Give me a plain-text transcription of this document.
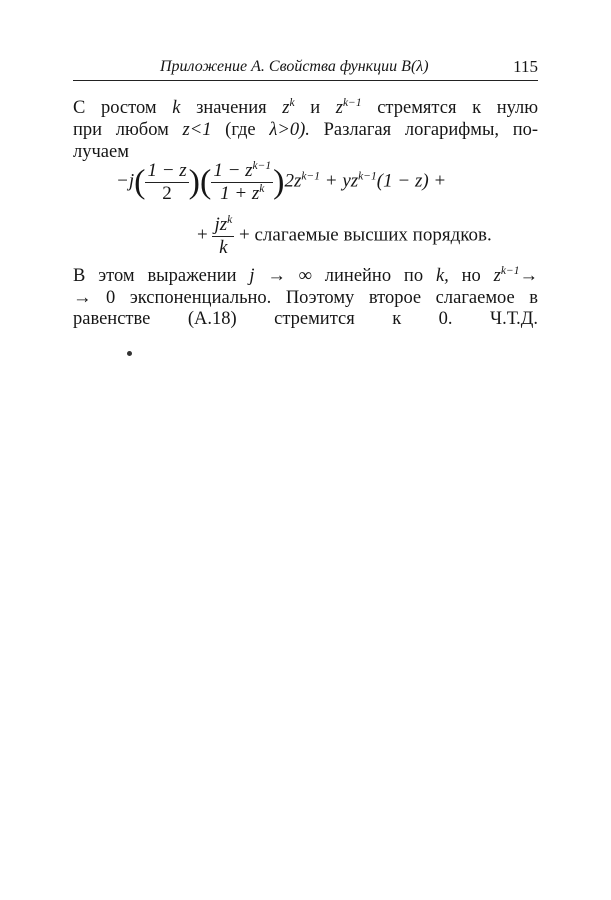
Приложение А. Свойства функции B(λ)	115
С ростом k значения $z^k$ и $z^{k-1}$ стремятся к нулю
при любом z<1 (где λ>0). Разлагая логарифмы, по-
лучаем
$-j( \frac{1 - z}{2}$ )( $\frac{1 - z^{k-1}}{1 + z^k} )2z^{k-1} + yz^{k-1}(1 - z)$ +
+ $\frac{jz^k}{k}$ + слагаемые высших порядков.
В этом выражении j → ∞ линейно по k, но $z^{k-1}\to$
→ 0 экспоненциально. Поэтому второе слагаемое в
равенстве (А.18) стремится к 0. Ч.Т.Д.
